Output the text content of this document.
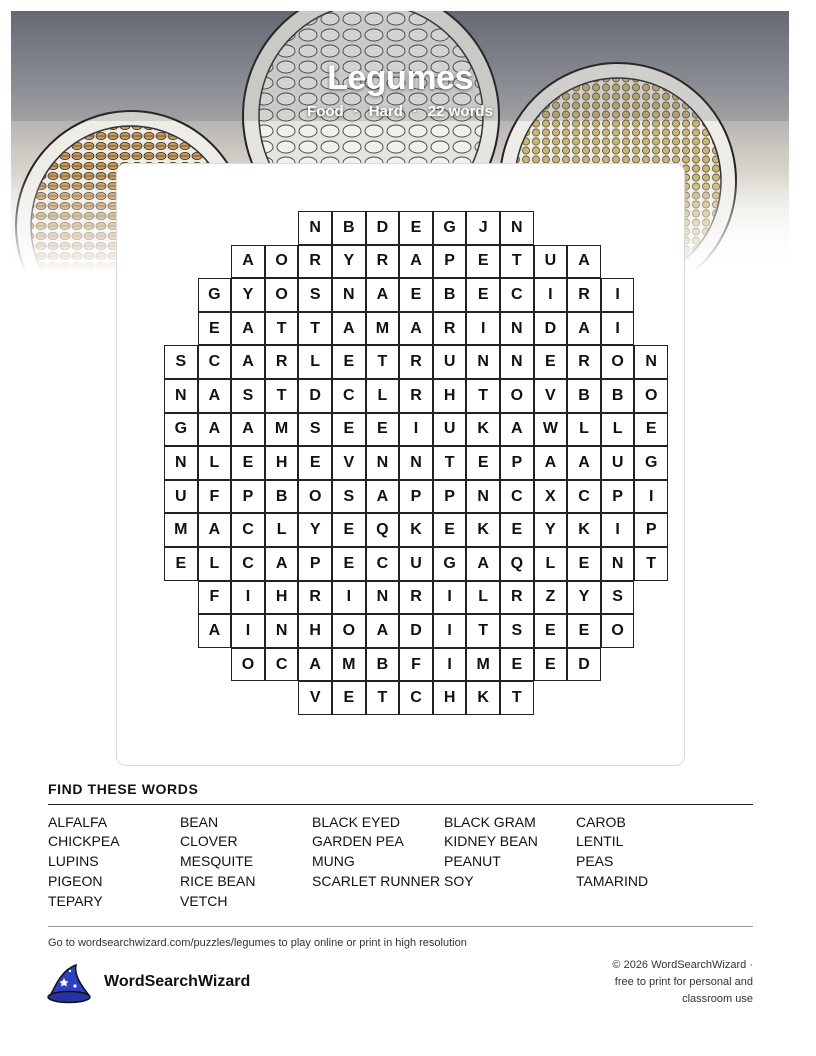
Legumes
Food · Hard · 22 words
N	B	D	E	G	J	N
A	O	R	Y	R	A	P	E	T	U	A
G	Y	O	S	N	A	E	B	E	C	I	R	I
E	A	T	T	A	M	A	R	I	N	D	A	I
S	C	A	R	L	E	T	R	U	N	N	E	R	O	N
N	A	S	T	D	C	L	R	H	T	O	V	B	B	O
G	A	A	M	S	E	E	I	U	K	A	W	L	L	E
N	L	E	H	E	V	N	N	T	E	P	A	A	U	G
U	F	P	B	O	S	A	P	P	N	C	X	C	P	I
M	A	C	L	Y	E	Q	K	E	K	E	Y	K	I	P
E	L	C	A	P	E	C	U	G	A	Q	L	E	N	T
F	I	H	R	I	N	R	I	L	R	Z	Y	S
A	I	N	H	O	A	D	I	T	S	E	E	O
O	C	A	M	B	F	I	M	E	E	D
V	E	T	C	H	K	T
FIND THESE WORDS
ALFALFA
CHICKPEA
LUPINS
PIGEON
TEPARY
BEAN
CLOVER
MESQUITE
RICE BEAN
VETCH
BLACK EYED
GARDEN PEA
MUNG
SCARLET RUNNER
BLACK GRAM
KIDNEY BEAN
PEANUT
SOY
CAROB
LENTIL
PEAS
TAMARIND
Go to wordsearchwizard.com/puzzles/legumes to play online or print in high resolution
WordSearchWizard
© 2026 WordSearchWizard ·
free to print for personal and
classroom use
